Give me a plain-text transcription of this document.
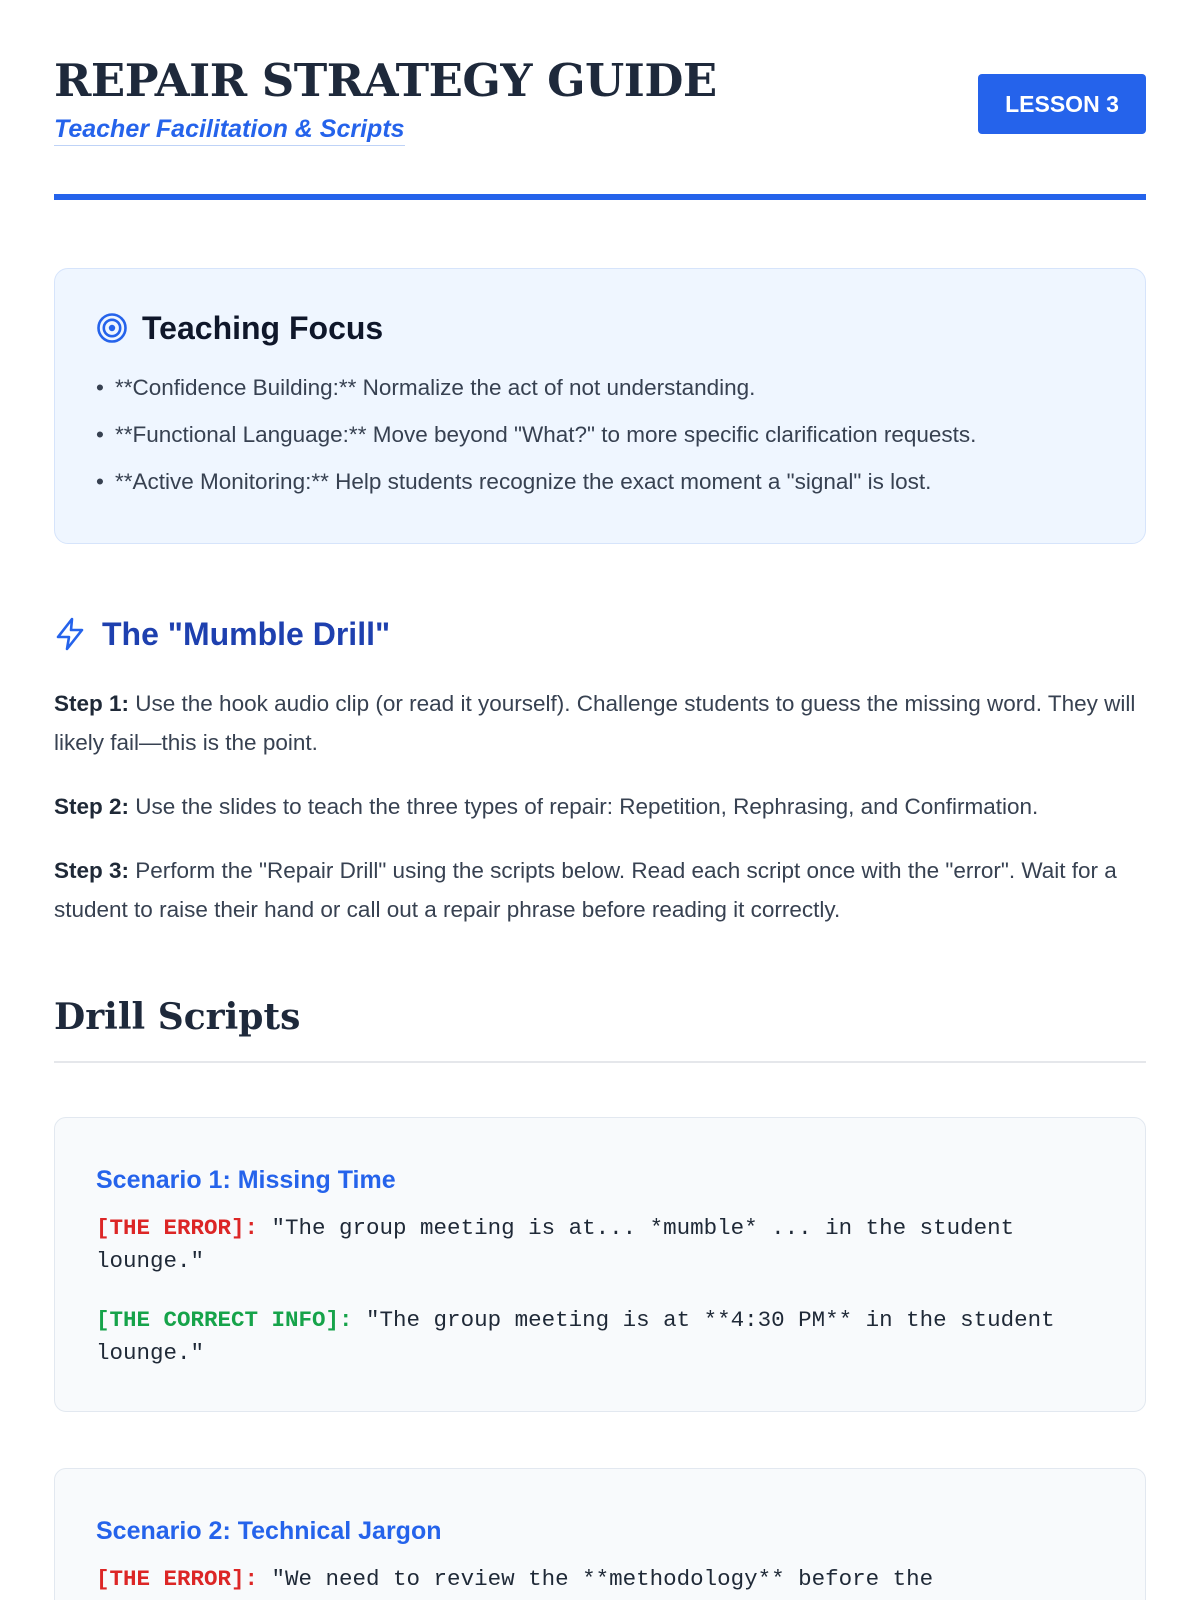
REPAIR STRATEGY GUIDE
Teacher Facilitation & Scripts
LESSON 3
Teaching Focus
• **Confidence Building:** Normalize the act of not understanding.
• **Functional Language:** Move beyond "What?" to more specific clarification requests.
• **Active Monitoring:** Help students recognize the exact moment a "signal" is lost.
The "Mumble Drill"

Step 1: Use the hook audio clip (or read it yourself). Challenge students to guess the missing word. They will likely fail—this is the point.

Step 2: Use the slides to teach the three types of repair: Repetition, Rephrasing, and Confirmation.

Step 3: Perform the "Repair Drill" using the scripts below. Read each script once with the "error". Wait for a student to raise their hand or call out a repair phrase before reading it correctly.

Drill Scripts
Scenario 1: Missing Time
[THE ERROR]: "The group meeting is at... *mumble* ... in the student lounge."
[THE CORRECT INFO]: "The group meeting is at **4:30 PM** in the student lounge."
Scenario 2: Technical Jargon
[THE ERROR]: "We need to review the **methodology** before the
